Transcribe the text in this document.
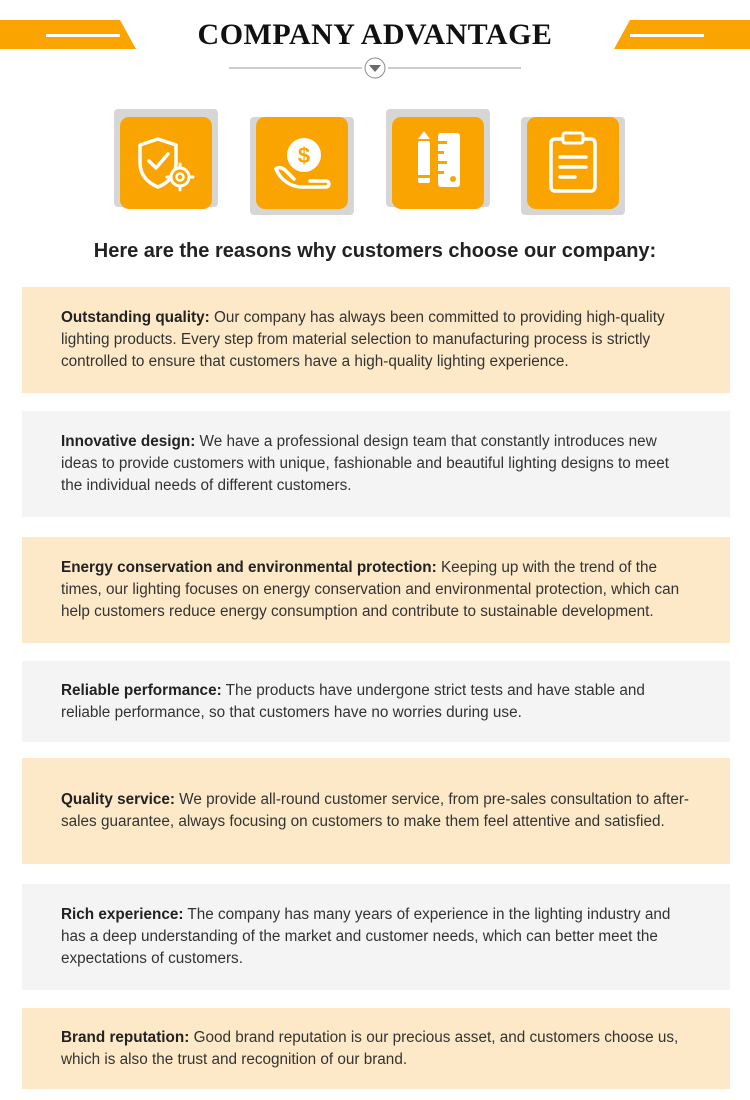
COMPANY ADVANTAGE
$
Here are the reasons why customers choose our company:

Outstanding quality: Our company has always been committed to providing high-quality lighting products. Every step from material selection to manufacturing process is strictly controlled to ensure that customers have a high-quality lighting experience.

Innovative design: We have a professional design team that constantly introduces new ideas to provide customers with unique, fashionable and beautiful lighting designs to meet the individual needs of different customers.

Energy conservation and environmental protection: Keeping up with the trend of the times, our lighting focuses on energy conservation and environmental protection, which can help customers reduce energy consumption and contribute to sustainable development.

Reliable performance: The products have undergone strict tests and have stable and reliable performance, so that customers have no worries during use.

Quality service: We provide all-round customer service, from pre-sales consultation to after-sales guarantee, always focusing on customers to make them feel attentive and satisfied.

Rich experience: The company has many years of experience in the lighting industry and has a deep understanding of the market and customer needs, which can better meet the expectations of customers.

Brand reputation: Good brand reputation is our precious asset, and customers choose us, which is also the trust and recognition of our brand.
